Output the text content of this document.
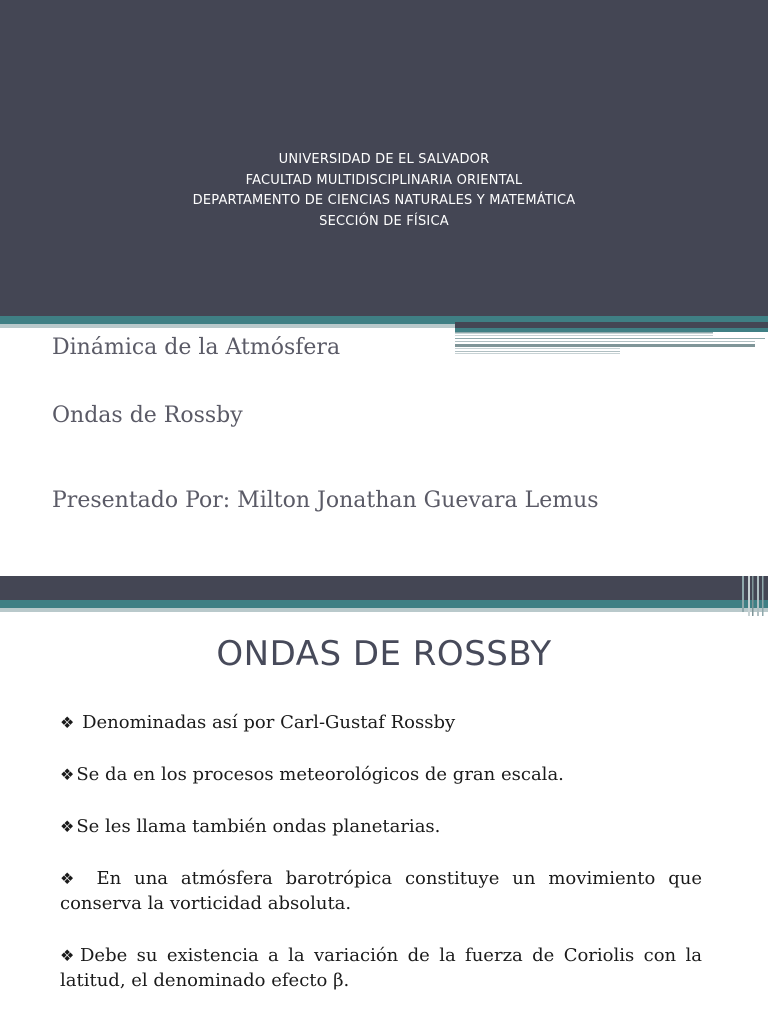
UNIVERSIDAD DE EL SALVADOR
FACULTAD MULTIDISCIPLINARIA ORIENTAL
DEPARTAMENTO DE CIENCIAS NATURALES Y MATEMÁTICA
SECCIÓN DE FÍSICA
Dinámica de la Atmósfera
Ondas de Rossby
Presentado Por: Milton Jonathan Guevara Lemus
ONDAS DE ROSSBY
❖ Denominadas así por Carl-Gustaf Rossby
❖ Se da en los procesos meteorológicos de gran escala.
❖ Se les llama también ondas planetarias.
❖ En una atmósfera barotrópica constituye un movimiento que conserva la vorticidad absoluta.
❖ Debe su existencia a la variación de la fuerza de Coriolis con la latitud, el denominado efecto β.
